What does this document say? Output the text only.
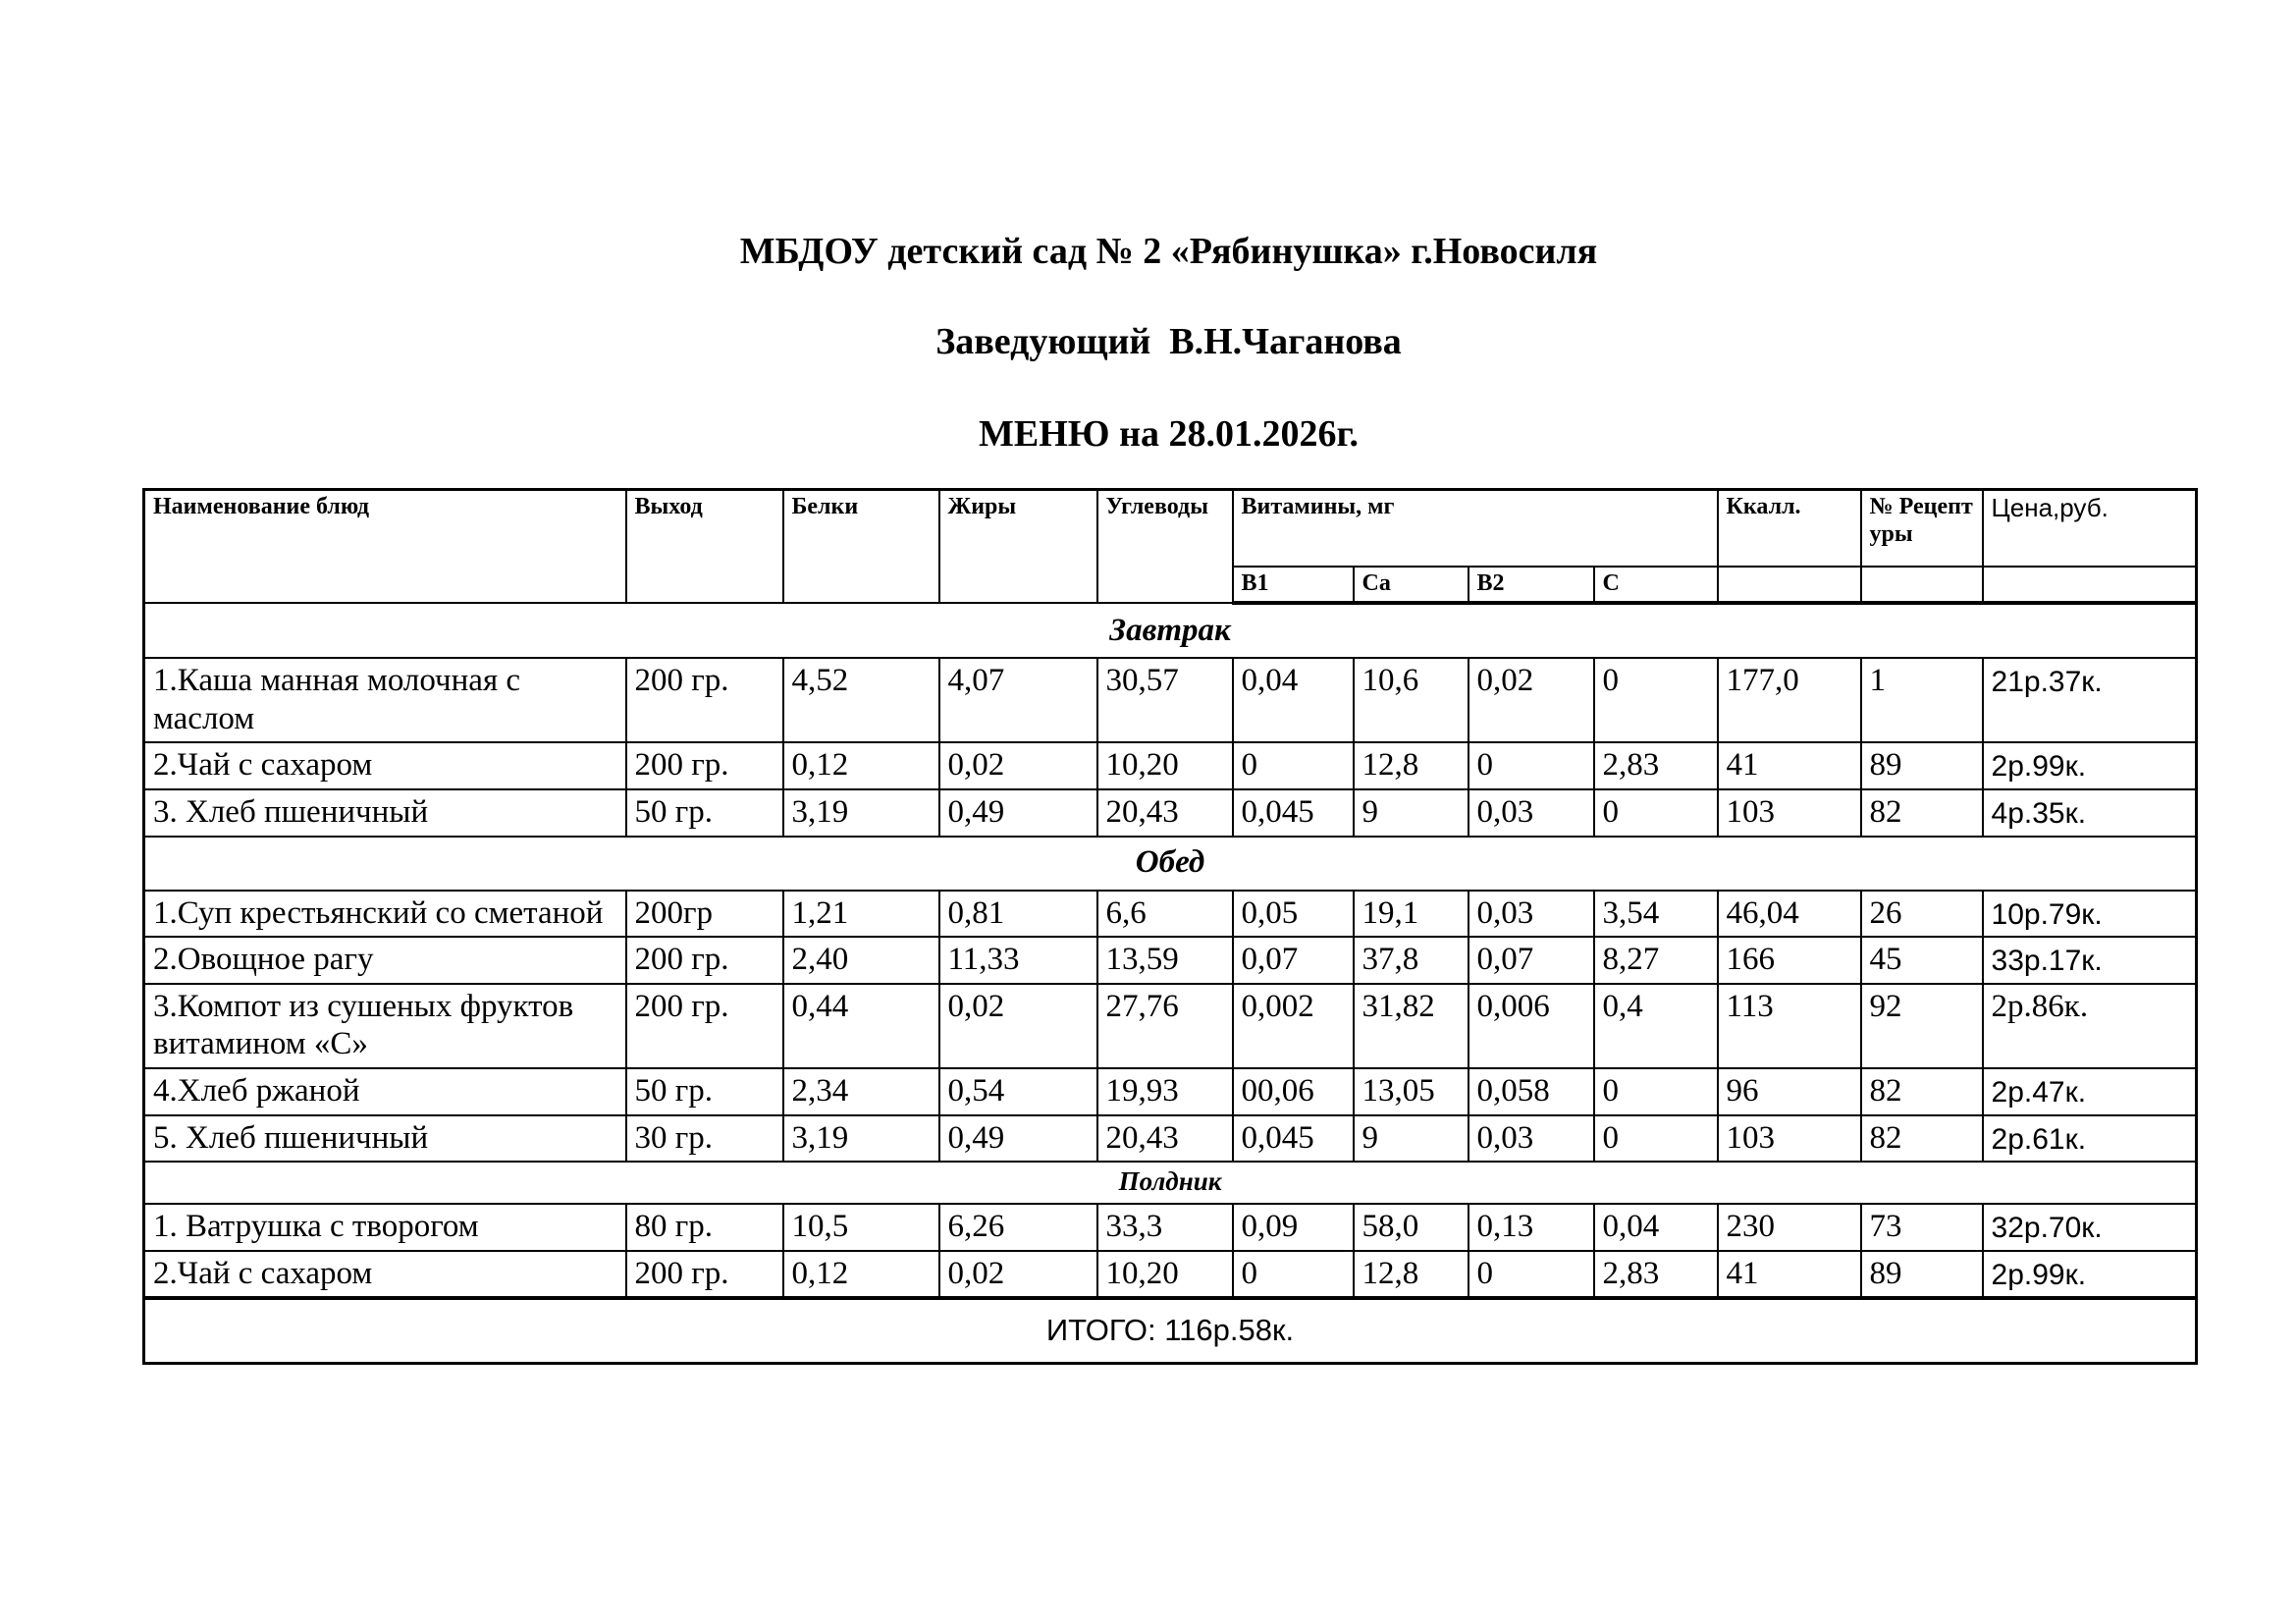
МБДОУ детский сад № 2 «Рябинушка» г.Новосиля
Заведующий  В.Н.Чаганова
МЕНЮ на 28.01.2026г.
Наименование блюд	Выход	Белки	Жиры	Углеводы	Витамины, мг				Ккалл.	№ Рецептуры	Цена,руб.
					B1	Ca	B2	C			
Завтрак											
1.Каша манная молочная с маслом	200 гр.	4,52	4,07	30,57	0,04	10,6	0,02	0	177,0	1	21р.37к.
2.Чай с сахаром	200 гр.	0,12	0,02	10,20	0	12,8	0	2,83	41	89	2р.99к.
3. Хлеб пшеничный	50 гр.	3,19	0,49	20,43	0,045	9	0,03	0	103	82	4р.35к.
Обед											
1.Суп крестьянский со сметаной	200гр	1,21	0,81	6,6	0,05	19,1	0,03	3,54	46,04	26	10р.79к.
2.Овощное рагу	200 гр.	2,40	11,33	13,59	0,07	37,8	0,07	8,27	166	45	33р.17к.
3.Компот из сушеных фруктов витамином «С»	200 гр.	0,44	0,02	27,76	0,002	31,82	0,006	0,4	113	92	2р.86к.
4.Хлеб ржаной	50 гр.	2,34	0,54	19,93	00,06	13,05	0,058	0	96	82	2р.47к.
5. Хлеб пшеничный	30 гр.	3,19	0,49	20,43	0,045	9	0,03	0	103	82	2р.61к.
Полдник											
1. Ватрушка с творогом	80 гр.	10,5	6,26	33,3	0,09	58,0	0,13	0,04	230	73	32р.70к.
2.Чай с сахаром	200 гр.	0,12	0,02	10,20	0	12,8	0	2,83	41	89	2р.99к.
ИТОГО: 116р.58к.											
